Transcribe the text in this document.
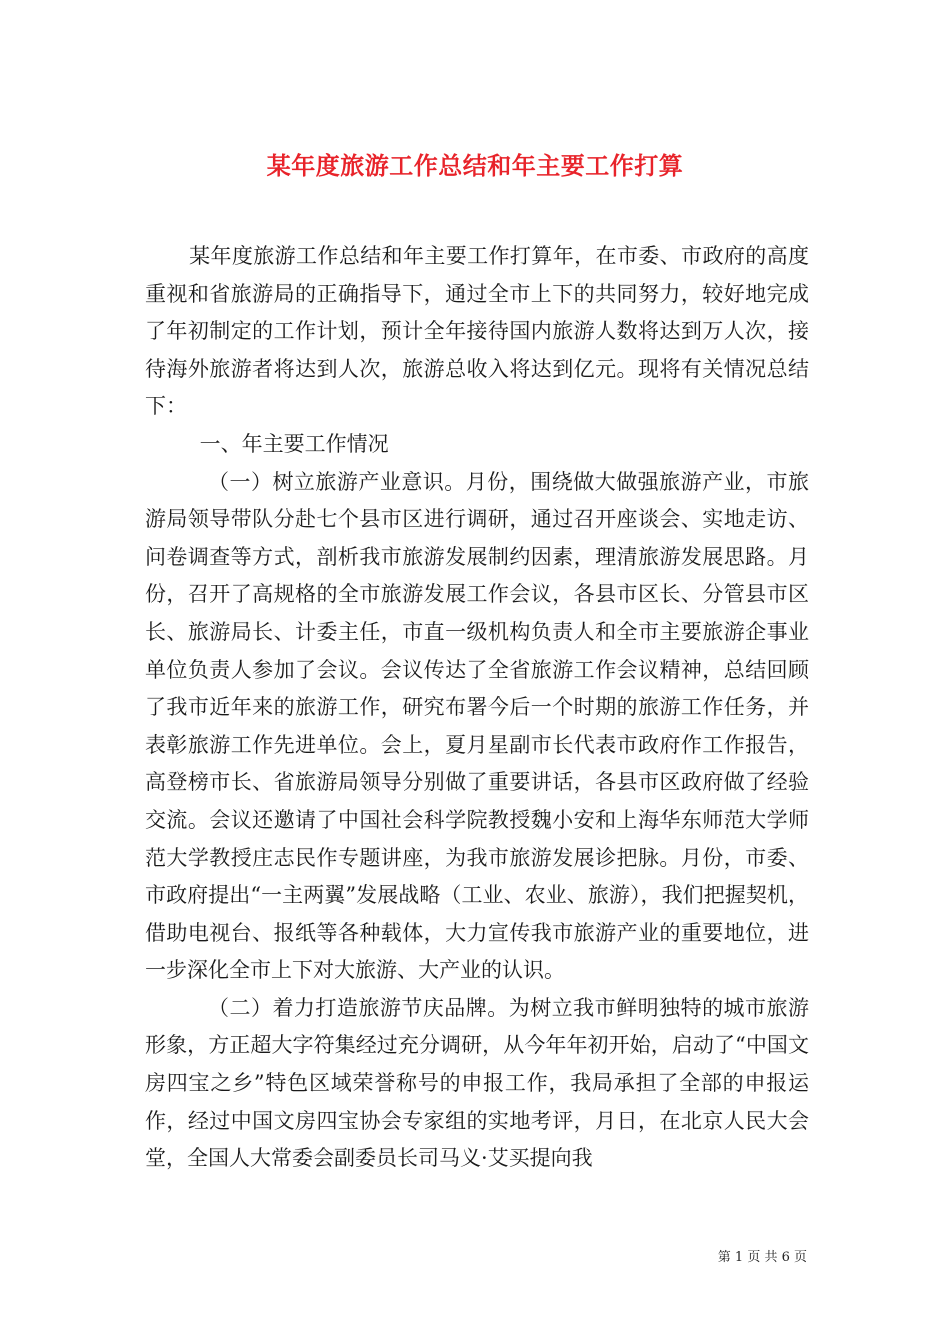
某年度旅游工作总结和年主要工作打算

某年度旅游工作总结和年主要工作打算年，在市委、市政府的高度重视和省旅游局的正确指导下，通过全市上下的共同努力，较好地完成了年初制定的工作计划，预计全年接待国内旅游人数将达到万人次，接待海外旅游者将达到人次，旅游总收入将达到亿元。现将有关情况总结下：

一、年主要工作情况

（一）树立旅游产业意识。月份，围绕做大做强旅游产业，市旅游局领导带队分赴七个县市区进行调研，通过召开座谈会、实地走访、问卷调查等方式，剖析我市旅游发展制约因素，理清旅游发展思路。月份，召开了高规格的全市旅游发展工作会议，各县市区长、分管县市区长、旅游局长、计委主任，市直一级机构负责人和全市主要旅游企事业单位负责人参加了会议。会议传达了全省旅游工作会议精神，总结回顾了我市近年来的旅游工作，研究布署今后一个时期的旅游工作任务，并表彰旅游工作先进单位。会上，夏月星副市长代表市政府作工作报告，高登榜市长、省旅游局领导分别做了重要讲话，各县市区政府做了经验交流。会议还邀请了中国社会科学院教授魏小安和上海华东师范大学师范大学教授庄志民作专题讲座，为我市旅游发展诊把脉。月份，市委、市政府提出“一主两翼”发展战略（工业、农业、旅游），我们把握契机，借助电视台、报纸等各种载体，大力宣传我市旅游产业的重要地位，进一步深化全市上下对大旅游、大产业的认识。

（二）着力打造旅游节庆品牌。为树立我市鲜明独特的城市旅游形象，方正超大字符集经过充分调研，从今年年初开始，启动了“中国文房四宝之乡”特色区域荣誉称号的申报工作，我局承担了全部的申报运作，经过中国文房四宝协会专家组的实地考评，月日，在北京人民大会堂，全国人大常委会副委员长司马义·艾买提向我

第 1 页 共 6 页
